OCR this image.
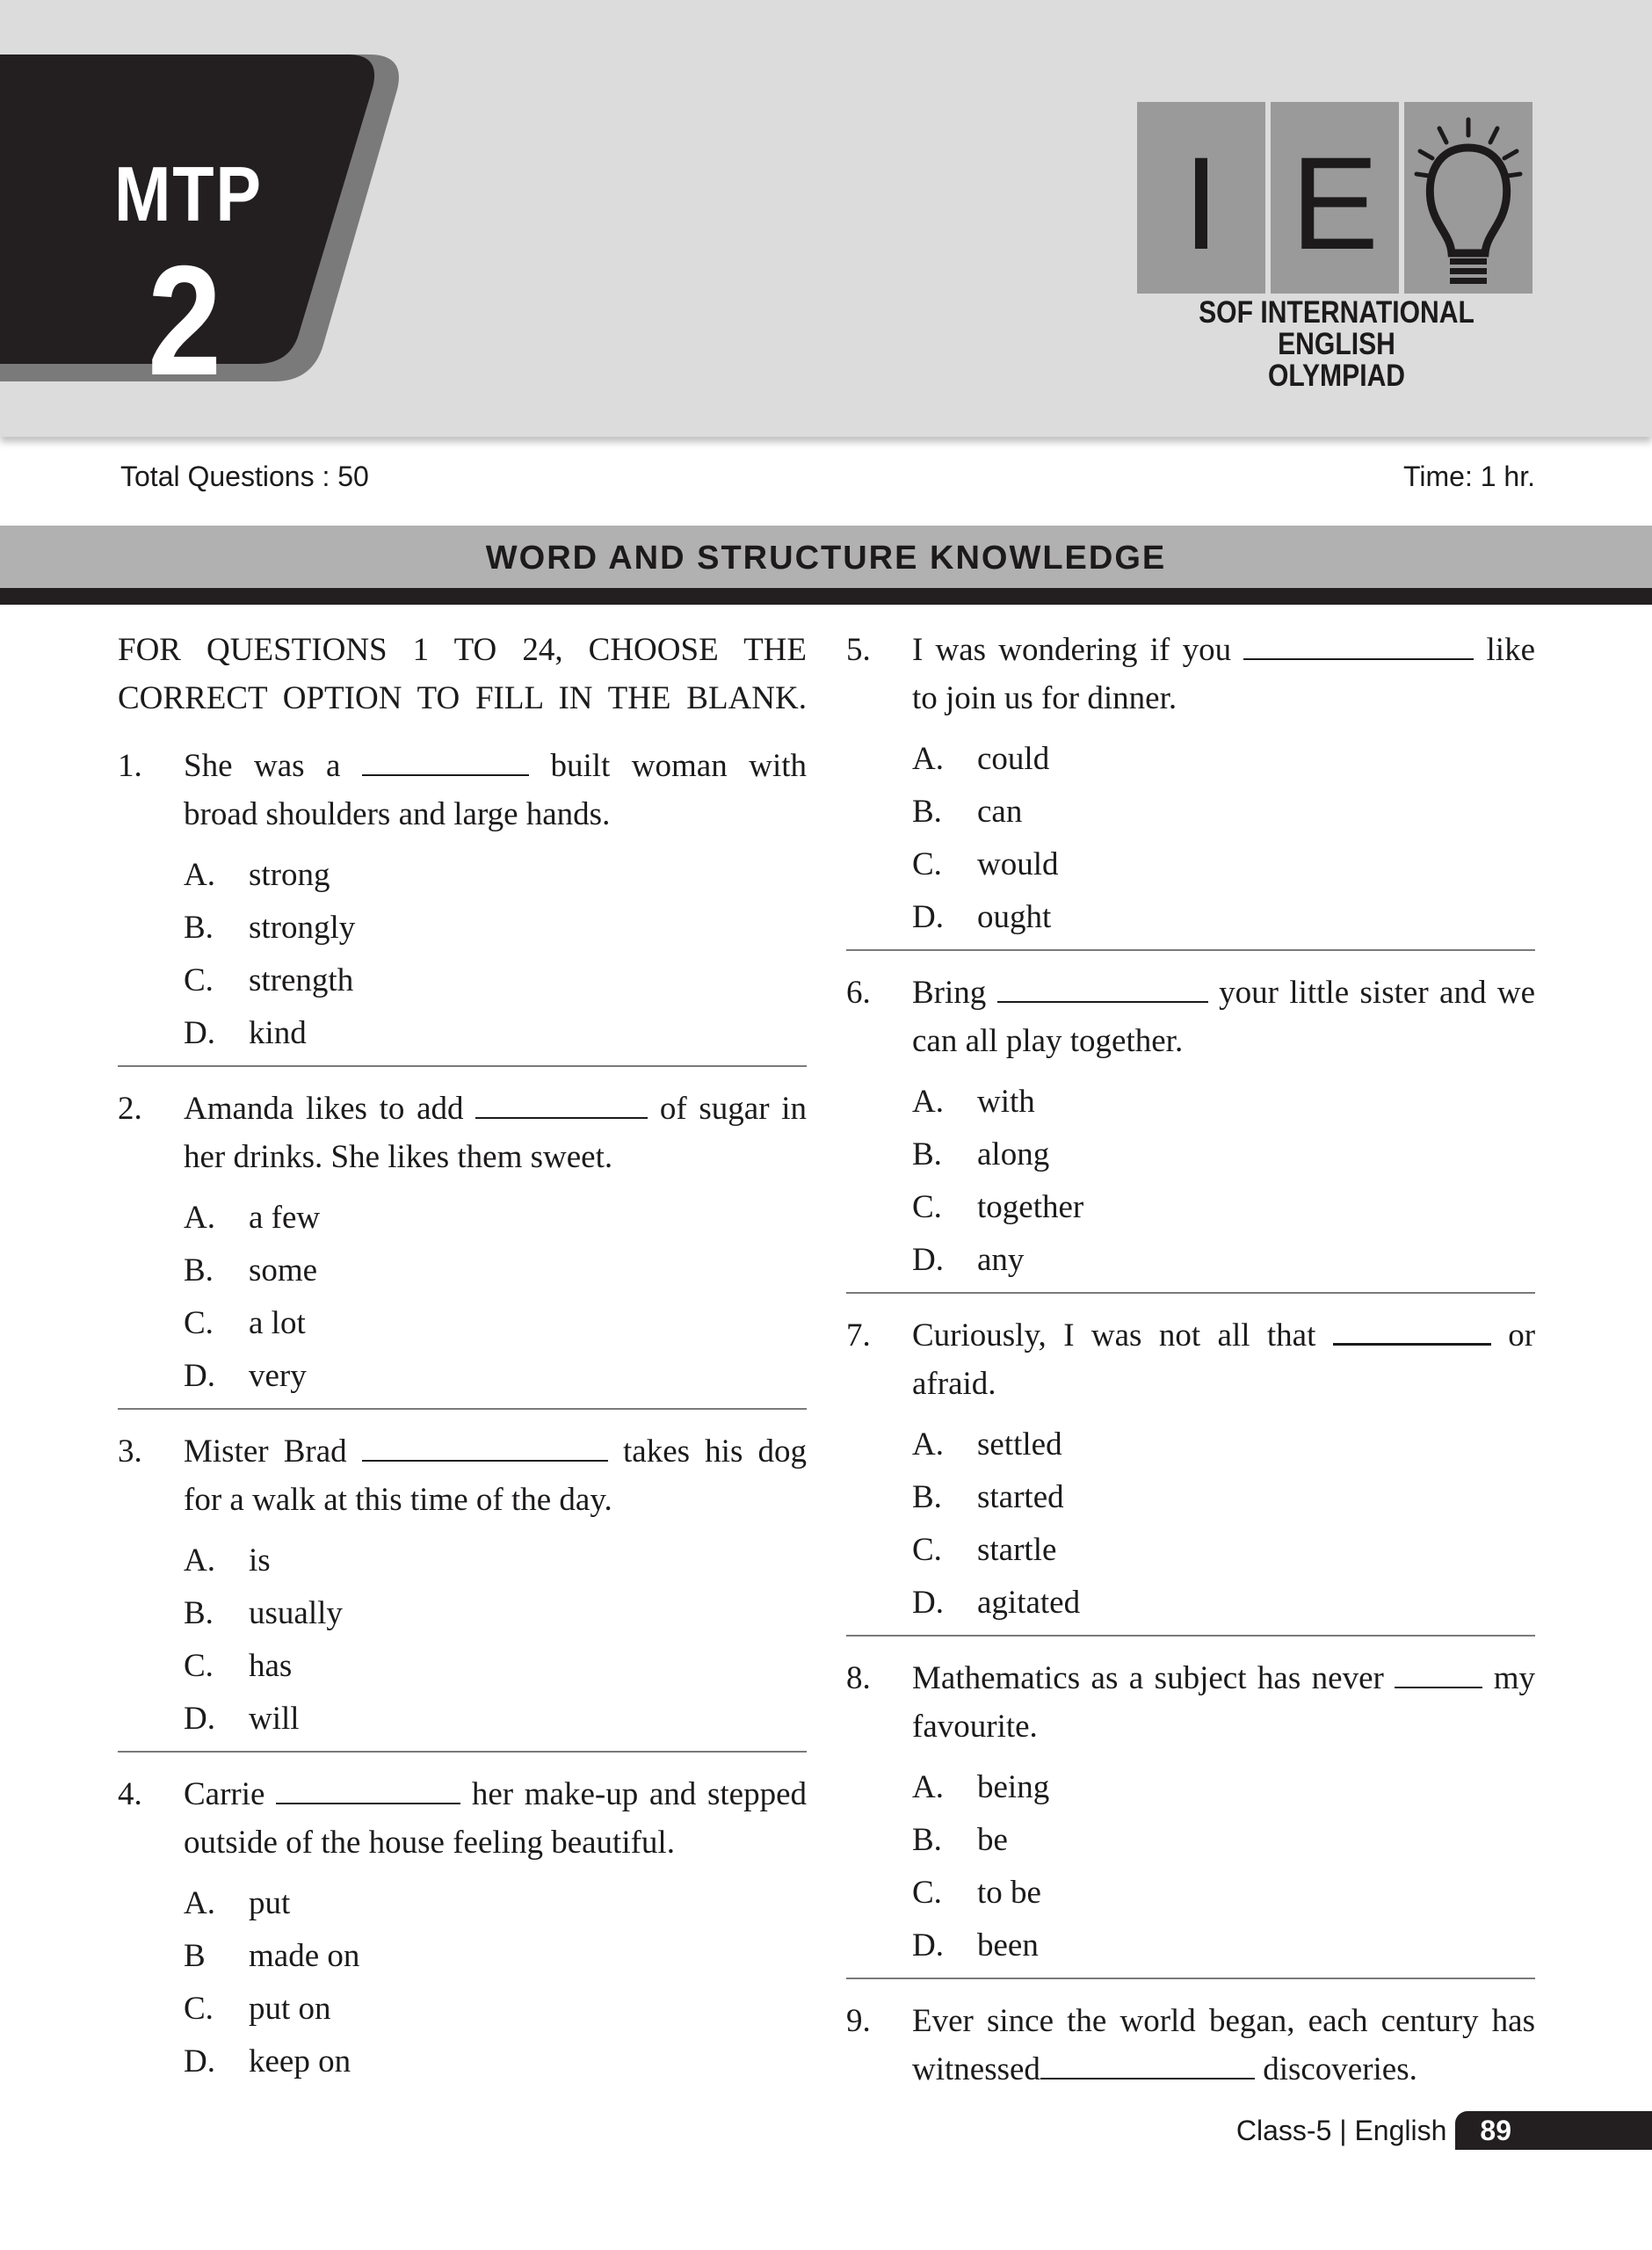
MTP
2
I E
SOF INTERNATIONAL ENGLISH
OLYMPIAD
Total Questions : 50	Time: 1 hr.
WORD AND STRUCTURE KNOWLEDGE

FOR QUESTIONS 1 TO 24, CHOOSE THE
CORRECT OPTION TO FILL IN THE BLANK.

1.	She was a	built woman with broad shoulders and large hands.
A.	strong
B.	strongly
C.	strength
D.	kind
2.	Amanda likes to add	of sugar in her drinks. She likes them sweet.
A.	a few
B.	some
C.	a lot
D.	very
3.	Mister Brad	takes his dog for a walk at this time of the day.
A.	is
B.	usually
C.	has
D.	will
4.	Carrie	her make-up and stepped outside of the house feeling beautiful.
A.	put
B	made on
C.	put on
D.	keep on
5.	I was wondering if you	like to join us for dinner.
A.	could
B.	can
C.	would
D.	ought
6.	Bring	your little sister and we can all play together.
A.	with
B.	along
C.	together
D.	any
7.	Curiously, I was not all that	or afraid.
A.	settled
B.	started
C.	startle
D.	agitated
8.	Mathematics as a subject has never	my favourite.
A.	being
B.	be
C.	to be
D.	been
9.	Ever since the world began, each century has witnessed	discoveries.
Class-5 | English	89
